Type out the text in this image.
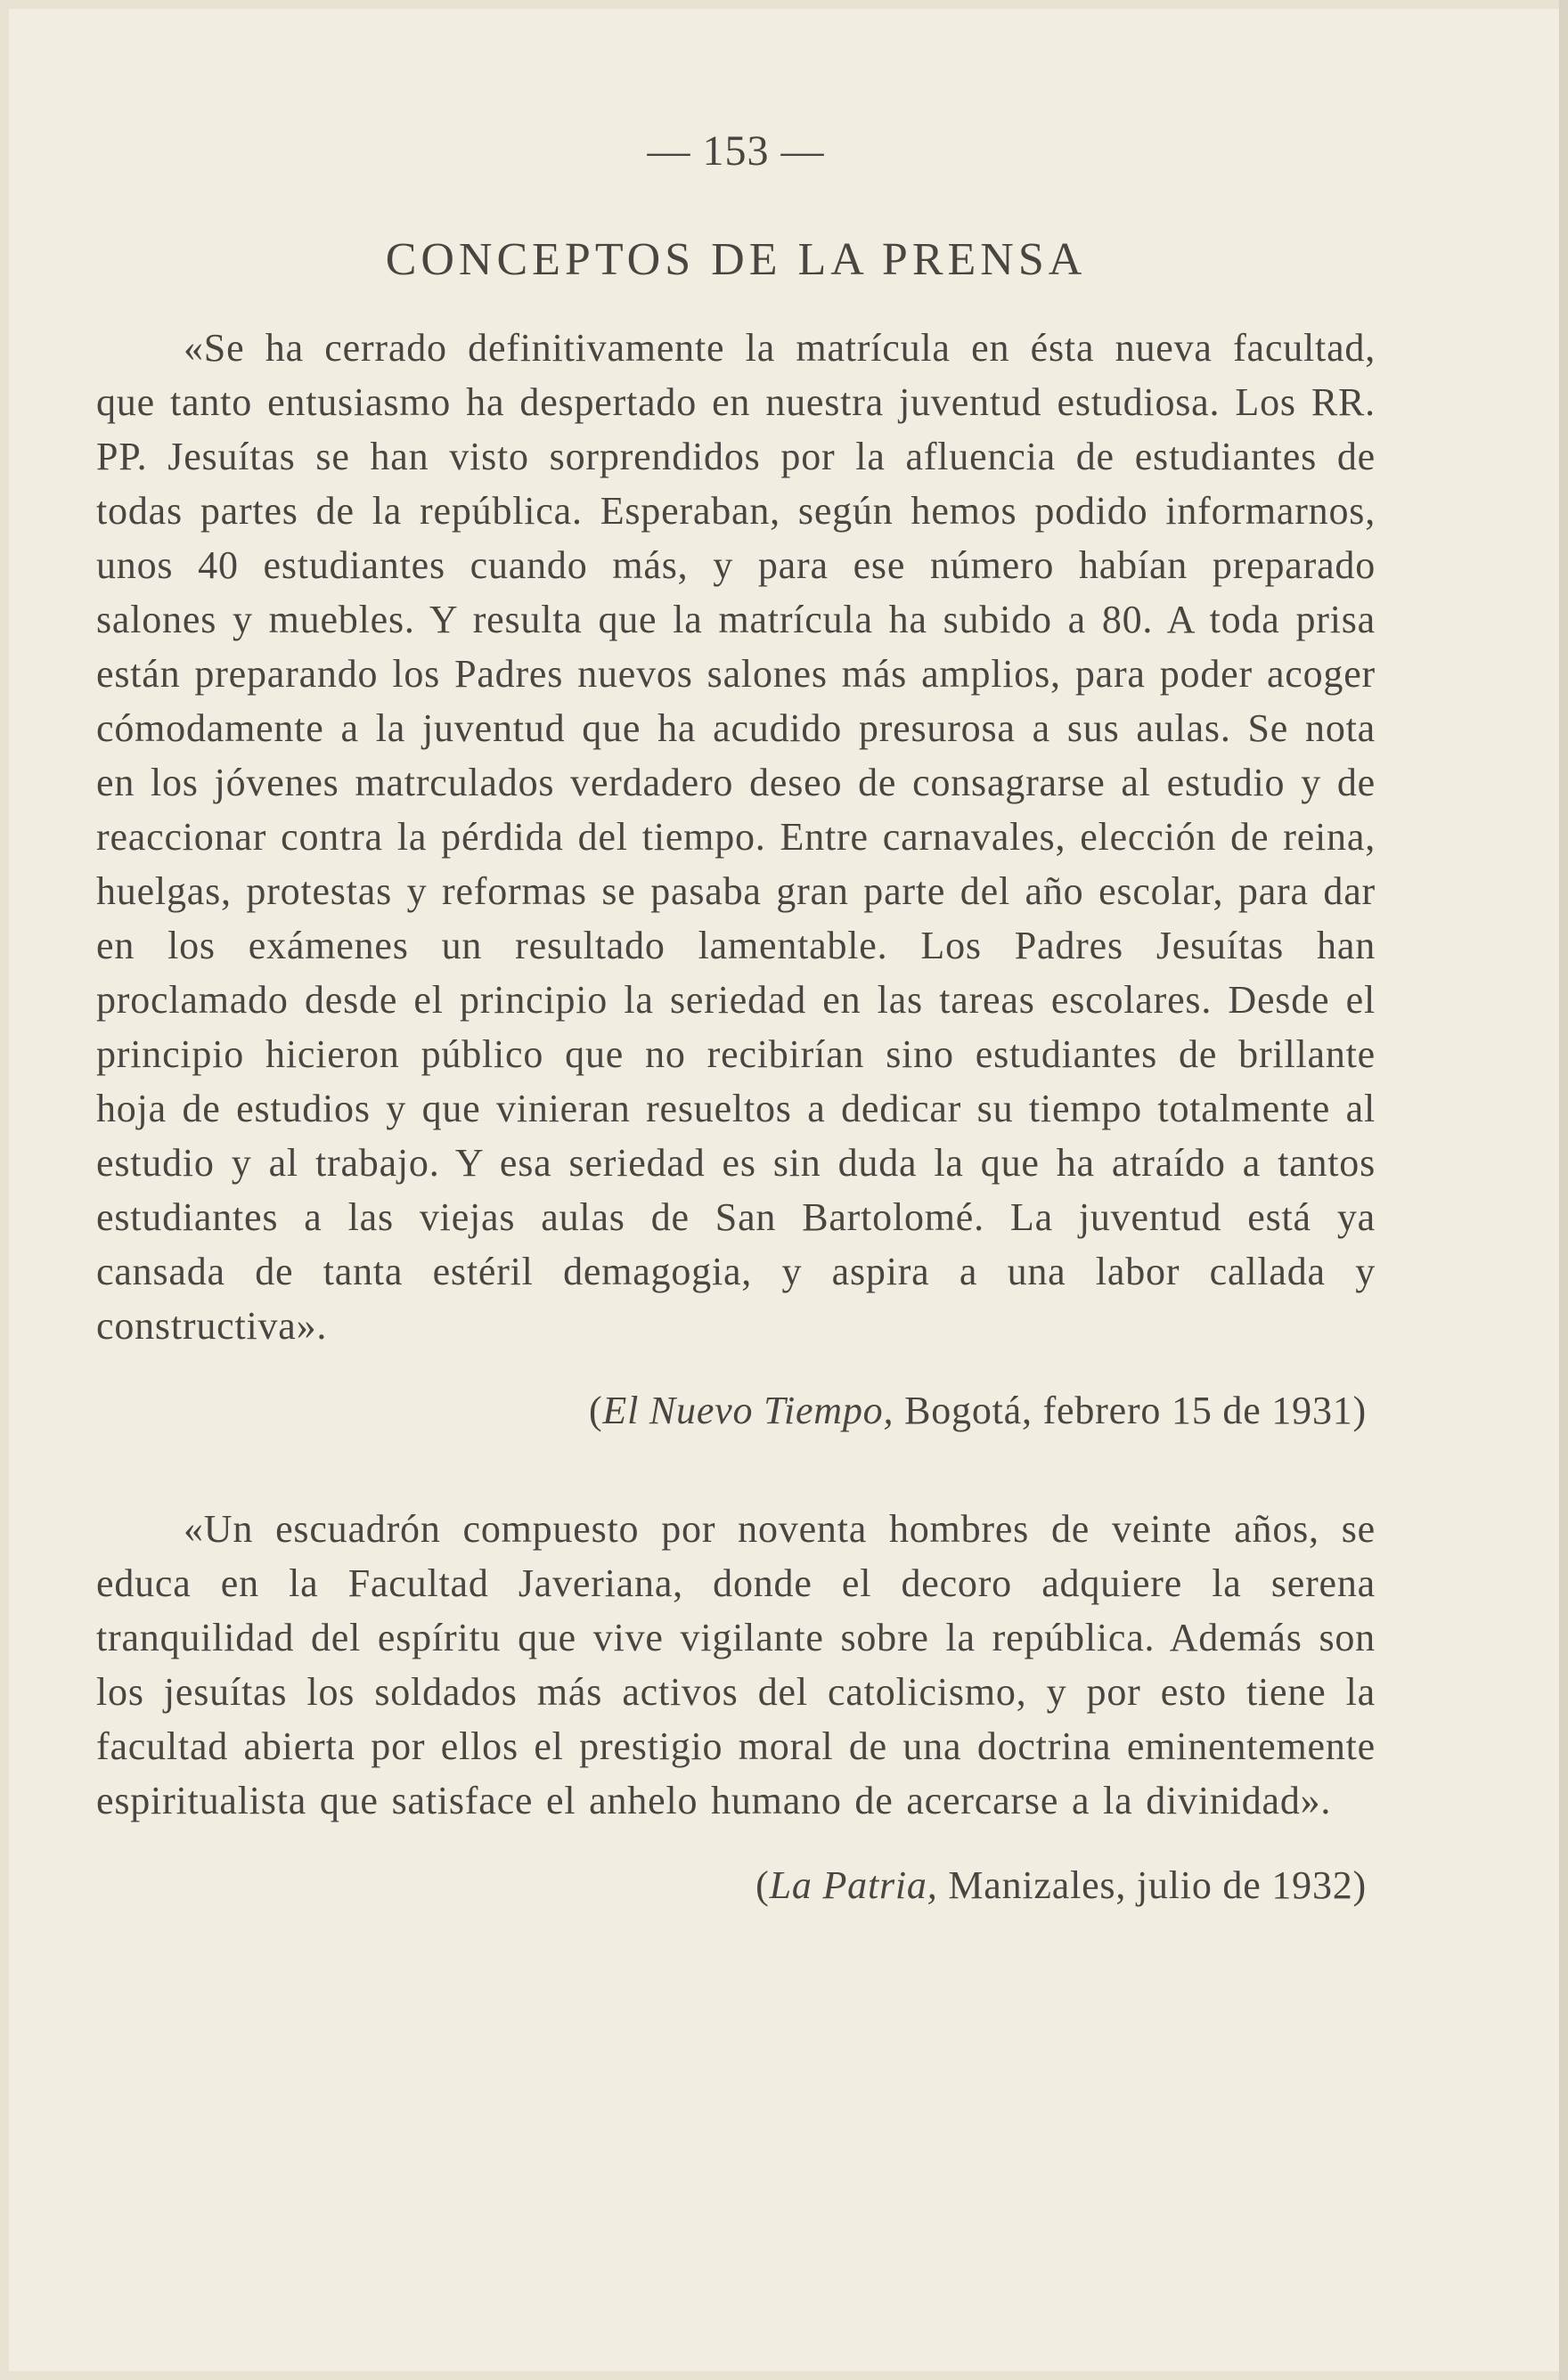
— 153 —
CONCEPTOS DE LA PRENSA

«Se ha cerrado definitivamente la matrícula en ésta nueva facultad, que tanto entusiasmo ha despertado en nuestra juventud estudiosa. Los RR. PP. Jesuítas se han visto sorprendidos por la afluencia de estudiantes de todas partes de la república. Esperaban, según hemos podido informarnos, unos 40 estudiantes cuando más, y para ese número habían preparado salones y muebles. Y resulta que la matrícula ha subido a 80. A toda prisa están preparando los Padres nuevos salones más amplios, para poder acoger cómodamente a la juventud que ha acudido presurosa a sus aulas. Se nota en los jóvenes matrculados verdadero deseo de consagrarse al estudio y de reaccionar contra la pérdida del tiempo. Entre carnavales, elección de reina, huelgas, protestas y reformas se pasaba gran parte del año escolar, para dar en los exámenes un resultado lamentable. Los Padres Jesuítas han proclamado desde el principio la seriedad en las tareas escolares. Desde el principio hicieron público que no recibirían sino estudiantes de brillante hoja de estudios y que vinieran resueltos a dedicar su tiempo totalmente al estudio y al trabajo. Y esa seriedad es sin duda la que ha atraído a tantos estudiantes a las viejas aulas de San Bartolomé. La juventud está ya cansada de tanta estéril demagogia, y aspira a una labor callada y constructiva».

(El Nuevo Tiempo, Bogotá, febrero 15 de 1931)

«Un escuadrón compuesto por noventa hombres de veinte años, se educa en la Facultad Javeriana, donde el decoro adquiere la serena tranquilidad del espíritu que vive vigilante sobre la república. Además son los jesuítas los soldados más activos del catolicismo, y por esto tiene la facultad abierta por ellos el prestigio moral de una doctrina eminentemente espiritualista que satisface el anhelo humano de acercarse a la divinidad».

(La Patria, Manizales, julio de 1932)
